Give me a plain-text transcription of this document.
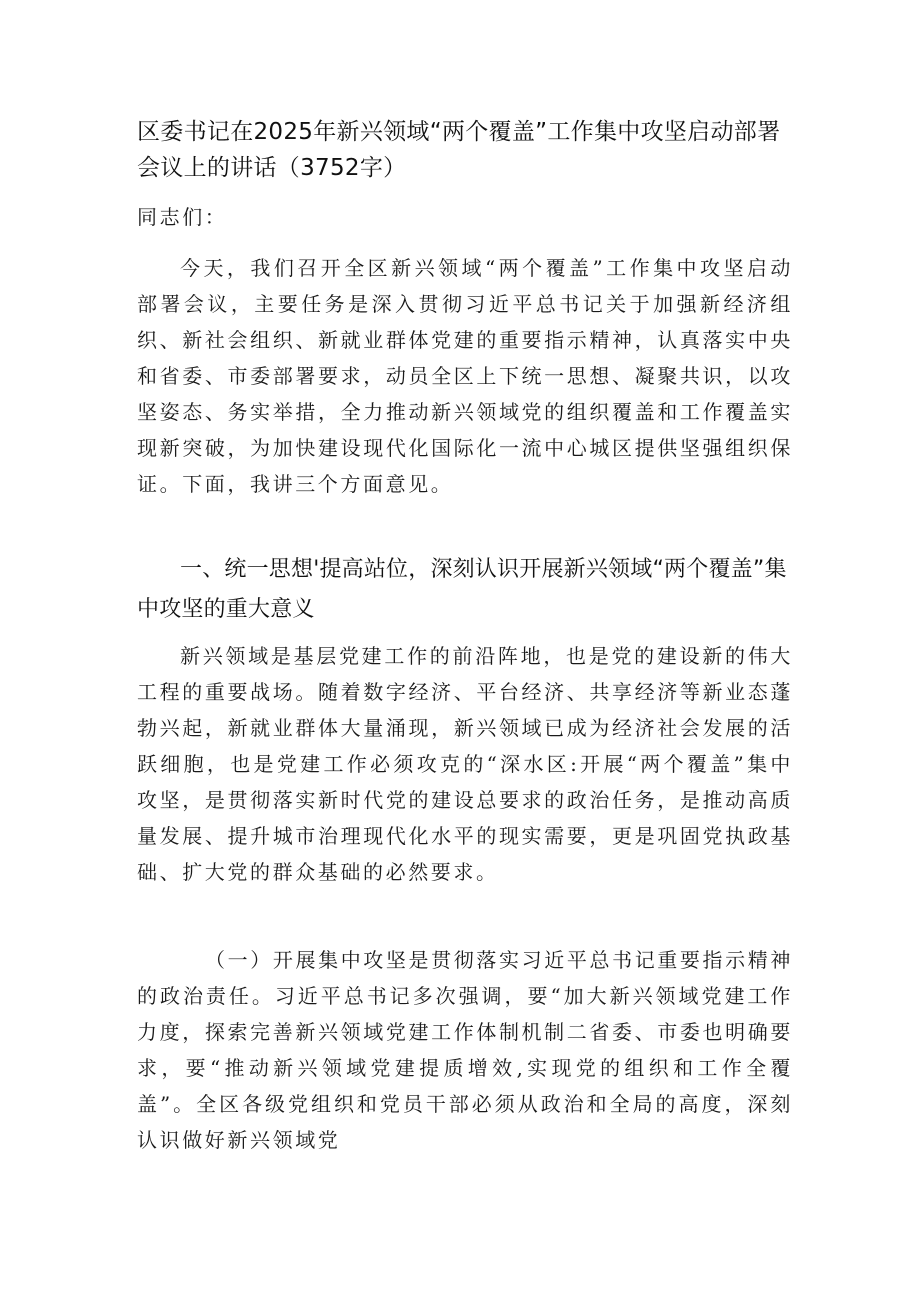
区委书记在2025年新兴领域“两个覆盖”工作集中攻坚启动部署会议上的讲话（3752字）

同志们：

今天，我们召开全区新兴领域“两个覆盖”工作集中攻坚启动部署会议，主要任务是深入贯彻习近平总书记关于加强新经济组织、新社会组织、新就业群体党建的重要指示精神，认真落实中央和省委、市委部署要求，动员全区上下统一思想、凝聚共识，以攻坚姿态、务实举措，全力推动新兴领域党的组织覆盖和工作覆盖实现新突破，为加快建设现代化国际化一流中心城区提供坚强组织保证。下面，我讲三个方面意见。

一、统一思想'提高站位，深刻认识开展新兴领域“两个覆盖”集中攻坚的重大意义

新兴领域是基层党建工作的前沿阵地，也是党的建设新的伟大工程的重要战场。随着数字经济、平台经济、共享经济等新业态蓬勃兴起，新就业群体大量涌现，新兴领域已成为经济社会发展的活跃细胞，也是党建工作必须攻克的“深水区:开展“两个覆盖”集中攻坚，是贯彻落实新时代党的建设总要求的政治任务，是推动高质量发展、提升城市治理现代化水平的现实需要，更是巩固党执政基础、扩大党的群众基础的必然要求。

（一）开展集中攻坚是贯彻落实习近平总书记重要指示精神的政治责任。习近平总书记多次强调，要“加大新兴领域党建工作力度，探索完善新兴领域党建工作体制机制二省委、市委也明确要求，要“推动新兴领域党建提质增效,实现党的组织和工作全覆盖”。全区各级党组织和党员干部必须从政治和全局的高度，深刻认识做好新兴领域党
